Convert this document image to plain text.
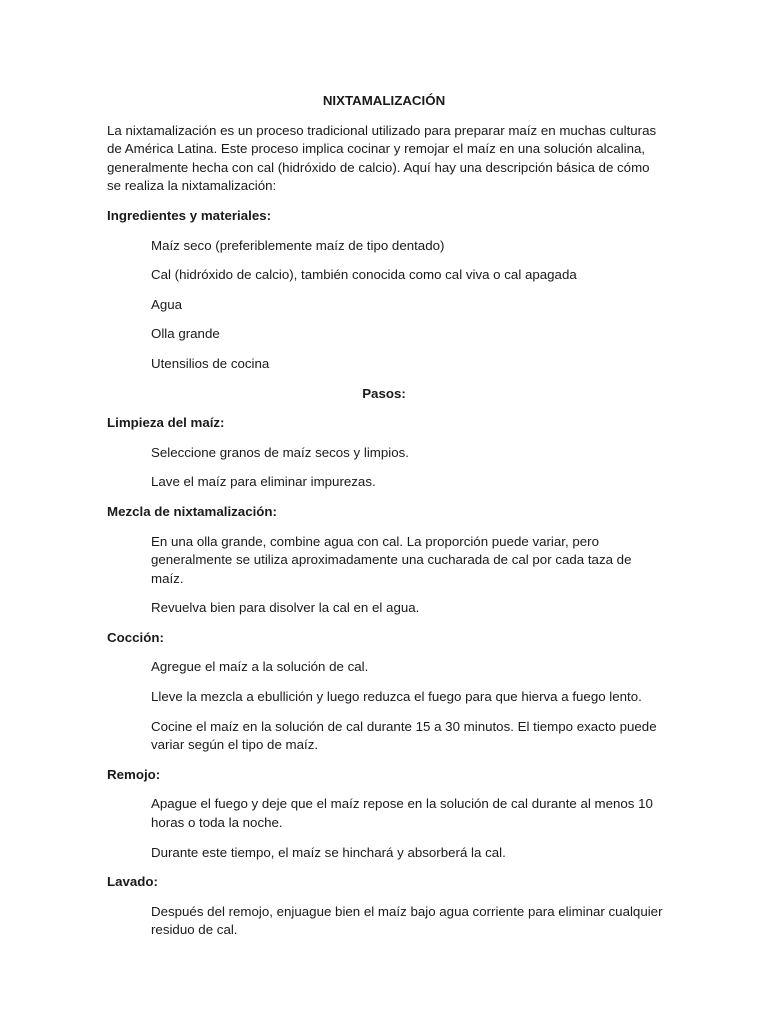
NIXTAMALIZACIÓN
La nixtamalización es un proceso tradicional utilizado para preparar maíz en muchas culturas de América Latina. Este proceso implica cocinar y remojar el maíz en una solución alcalina, generalmente hecha con cal (hidróxido de calcio). Aquí hay una descripción básica de cómo se realiza la nixtamalización:
Ingredientes y materiales:
Maíz seco (preferiblemente maíz de tipo dentado)
Cal (hidróxido de calcio), también conocida como cal viva o cal apagada
Agua
Olla grande
Utensilios de cocina
Pasos:
Limpieza del maíz:
Seleccione granos de maíz secos y limpios.
Lave el maíz para eliminar impurezas.
Mezcla de nixtamalización:
En una olla grande, combine agua con cal. La proporción puede variar, pero generalmente se utiliza aproximadamente una cucharada de cal por cada taza de maíz.
Revuelva bien para disolver la cal en el agua.
Cocción:
Agregue el maíz a la solución de cal.
Lleve la mezcla a ebullición y luego reduzca el fuego para que hierva a fuego lento.
Cocine el maíz en la solución de cal durante 15 a 30 minutos. El tiempo exacto puede variar según el tipo de maíz.
Remojo:
Apague el fuego y deje que el maíz repose en la solución de cal durante al menos 10 horas o toda la noche.
Durante este tiempo, el maíz se hinchará y absorberá la cal.
Lavado:
Después del remojo, enjuague bien el maíz bajo agua corriente para eliminar cualquier residuo de cal.
